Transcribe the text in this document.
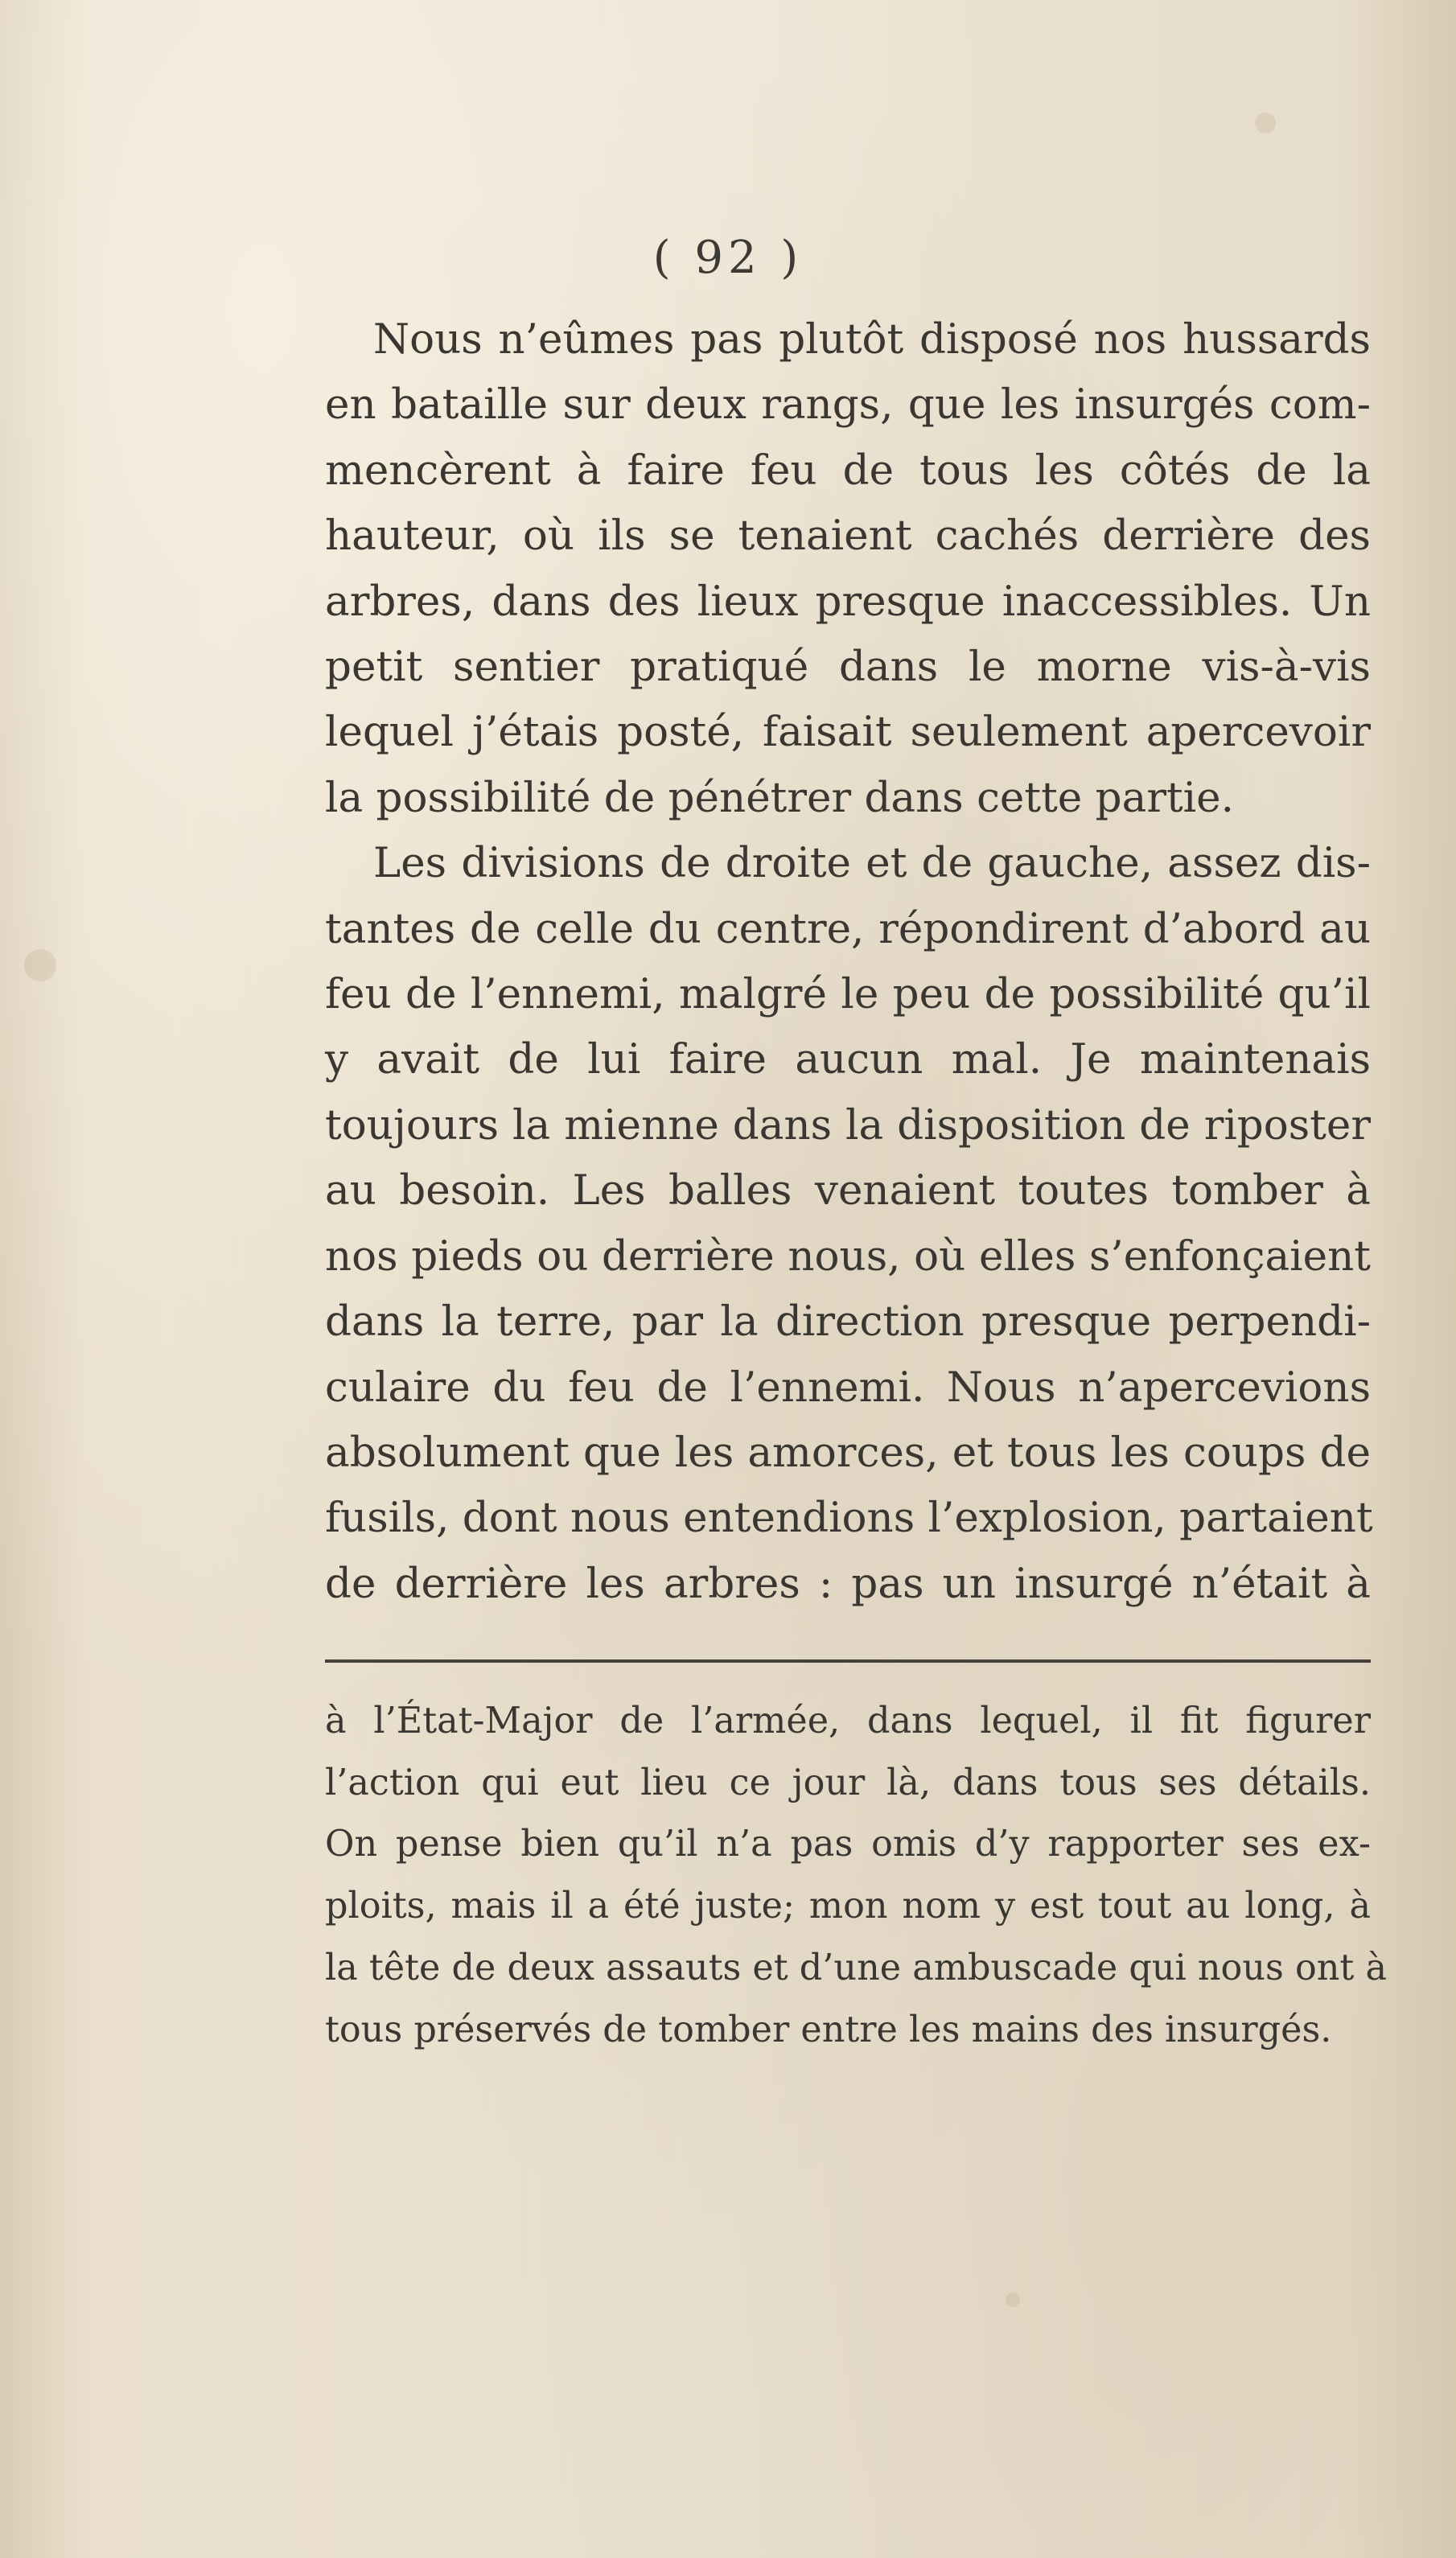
( 92 )
Nous n’eûmes pas plutôt disposé nos hussards
en bataille sur deux rangs, que les insurgés com-
mencèrent à faire feu de tous les côtés de la
hauteur, où ils se tenaient cachés derrière des
arbres, dans des lieux presque inaccessibles. Un
petit sentier pratiqué dans le morne vis-à-vis
lequel j’étais posté, faisait seulement apercevoir
la possibilité de pénétrer dans cette partie.
Les divisions de droite et de gauche, assez dis-
tantes de celle du centre, répondirent d’abord au
feu de l’ennemi, malgré le peu de possibilité qu’il
y avait de lui faire aucun mal. Je maintenais
toujours la mienne dans la disposition de riposter
au besoin. Les balles venaient toutes tomber à
nos pieds ou derrière nous, où elles s’enfonçaient
dans la terre, par la direction presque perpendi-
culaire du feu de l’ennemi. Nous n’apercevions
absolument que les amorces, et tous les coups de
fusils, dont nous entendions l’explosion, partaient
de derrière les arbres : pas un insurgé n’était à
à l’État-Major de l’armée, dans lequel, il fit figurer
l’action qui eut lieu ce jour là, dans tous ses détails.
On pense bien qu’il n’a pas omis d’y rapporter ses ex-
ploits, mais il a été juste; mon nom y est tout au long, à
la tête de deux assauts et d’une ambuscade qui nous ont à
tous préservés de tomber entre les mains des insurgés.
